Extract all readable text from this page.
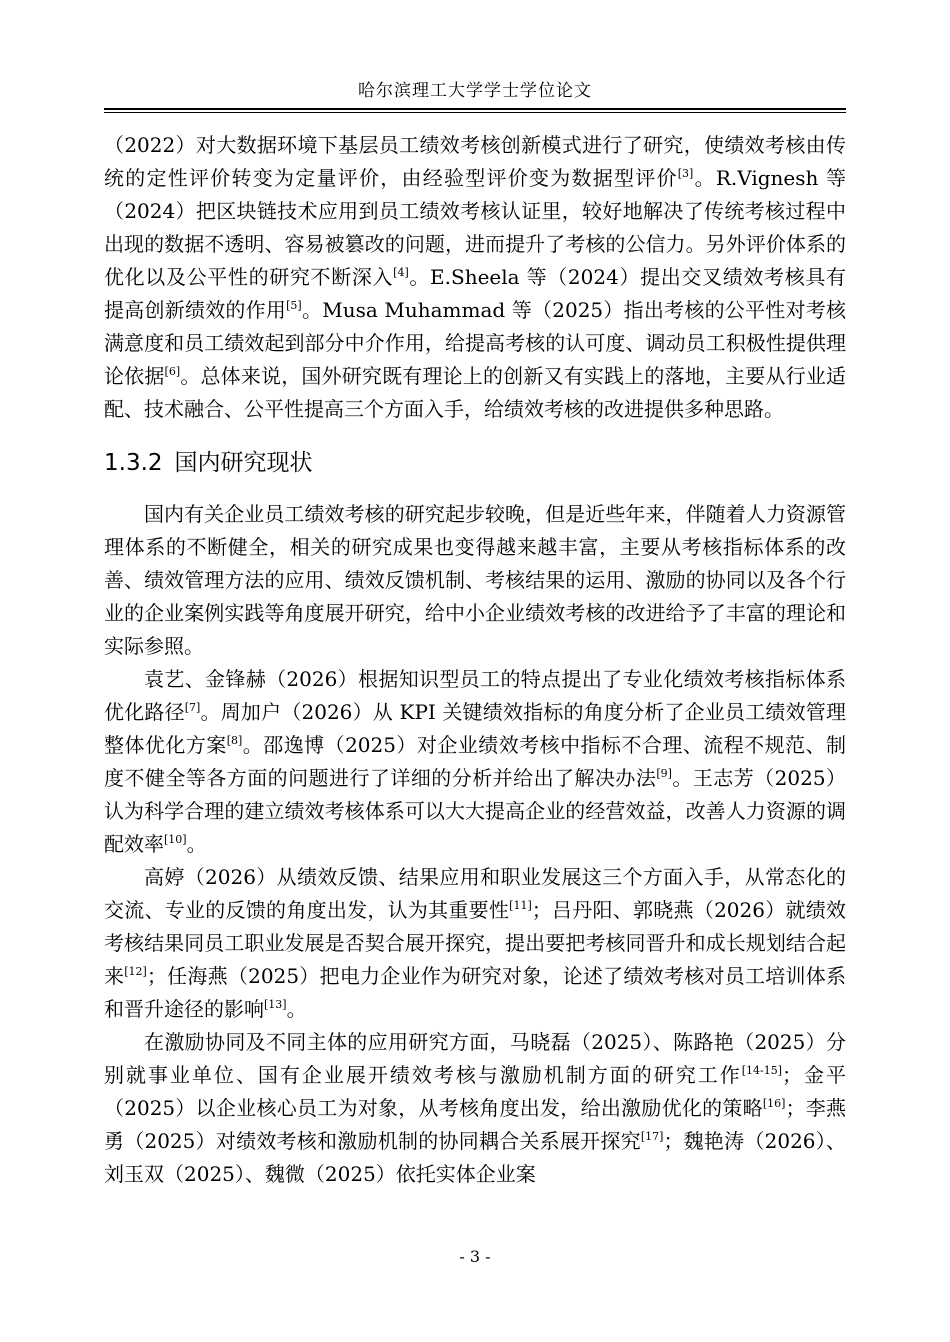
哈尔滨理工大学学士学位论文

（2022）对大数据环境下基层员工绩效考核创新模式进行了研究，使绩效考核由传统的定性评价转变为定量评价，由经验型评价变为数据型评价[3]。R.Vignesh 等（2024）把区块链技术应用到员工绩效考核认证里，较好地解决了传统考核过程中出现的数据不透明、容易被篡改的问题，进而提升了考核的公信力。另外评价体系的优化以及公平性的研究不断深入[4]。E.Sheela 等（2024）提出交叉绩效考核具有提高创新绩效的作用[5]。Musa Muhammad 等（2025）指出考核的公平性对考核满意度和员工绩效起到部分中介作用，给提高考核的认可度、调动员工积极性提供理论依据[6]。总体来说，国外研究既有理论上的创新又有实践上的落地，主要从行业适配、技术融合、公平性提高三个方面入手，给绩效考核的改进提供多种思路。

1.3.2 国内研究现状

国内有关企业员工绩效考核的研究起步较晚，但是近些年来，伴随着人力资源管理体系的不断健全，相关的研究成果也变得越来越丰富，主要从考核指标体系的改善、绩效管理方法的应用、绩效反馈机制、考核结果的运用、激励的协同以及各个行业的企业案例实践等角度展开研究，给中小企业绩效考核的改进给予了丰富的理论和实际参照。

袁艺、金锋赫（2026）根据知识型员工的特点提出了专业化绩效考核指标体系优化路径[7]。周加户（2026）从 KPI 关键绩效指标的角度分析了企业员工绩效管理整体优化方案[8]。邵逸博（2025）对企业绩效考核中指标不合理、流程不规范、制度不健全等各方面的问题进行了详细的分析并给出了解决办法[9]。王志芳（2025）认为科学合理的建立绩效考核体系可以大大提高企业的经营效益，改善人力资源的调配效率[10]。

高婷（2026）从绩效反馈、结果应用和职业发展这三个方面入手，从常态化的交流、专业的反馈的角度出发，认为其重要性[11]；吕丹阳、郭晓燕（2026）就绩效考核结果同员工职业发展是否契合展开探究，提出要把考核同晋升和成长规划结合起来[12]；任海燕（2025）把电力企业作为研究对象，论述了绩效考核对员工培训体系和晋升途径的影响[13]。

在激励协同及不同主体的应用研究方面，马晓磊（2025）、陈路艳（2025）分别就事业单位、国有企业展开绩效考核与激励机制方面的研究工作[14-15]；金平（2025）以企业核心员工为对象，从考核角度出发，给出激励优化的策略[16]；李燕勇（2025）对绩效考核和激励机制的协同耦合关系展开探究[17]；魏艳涛（2026）、刘玉双（2025）、魏微（2025）依托实体企业案

- 3 -
